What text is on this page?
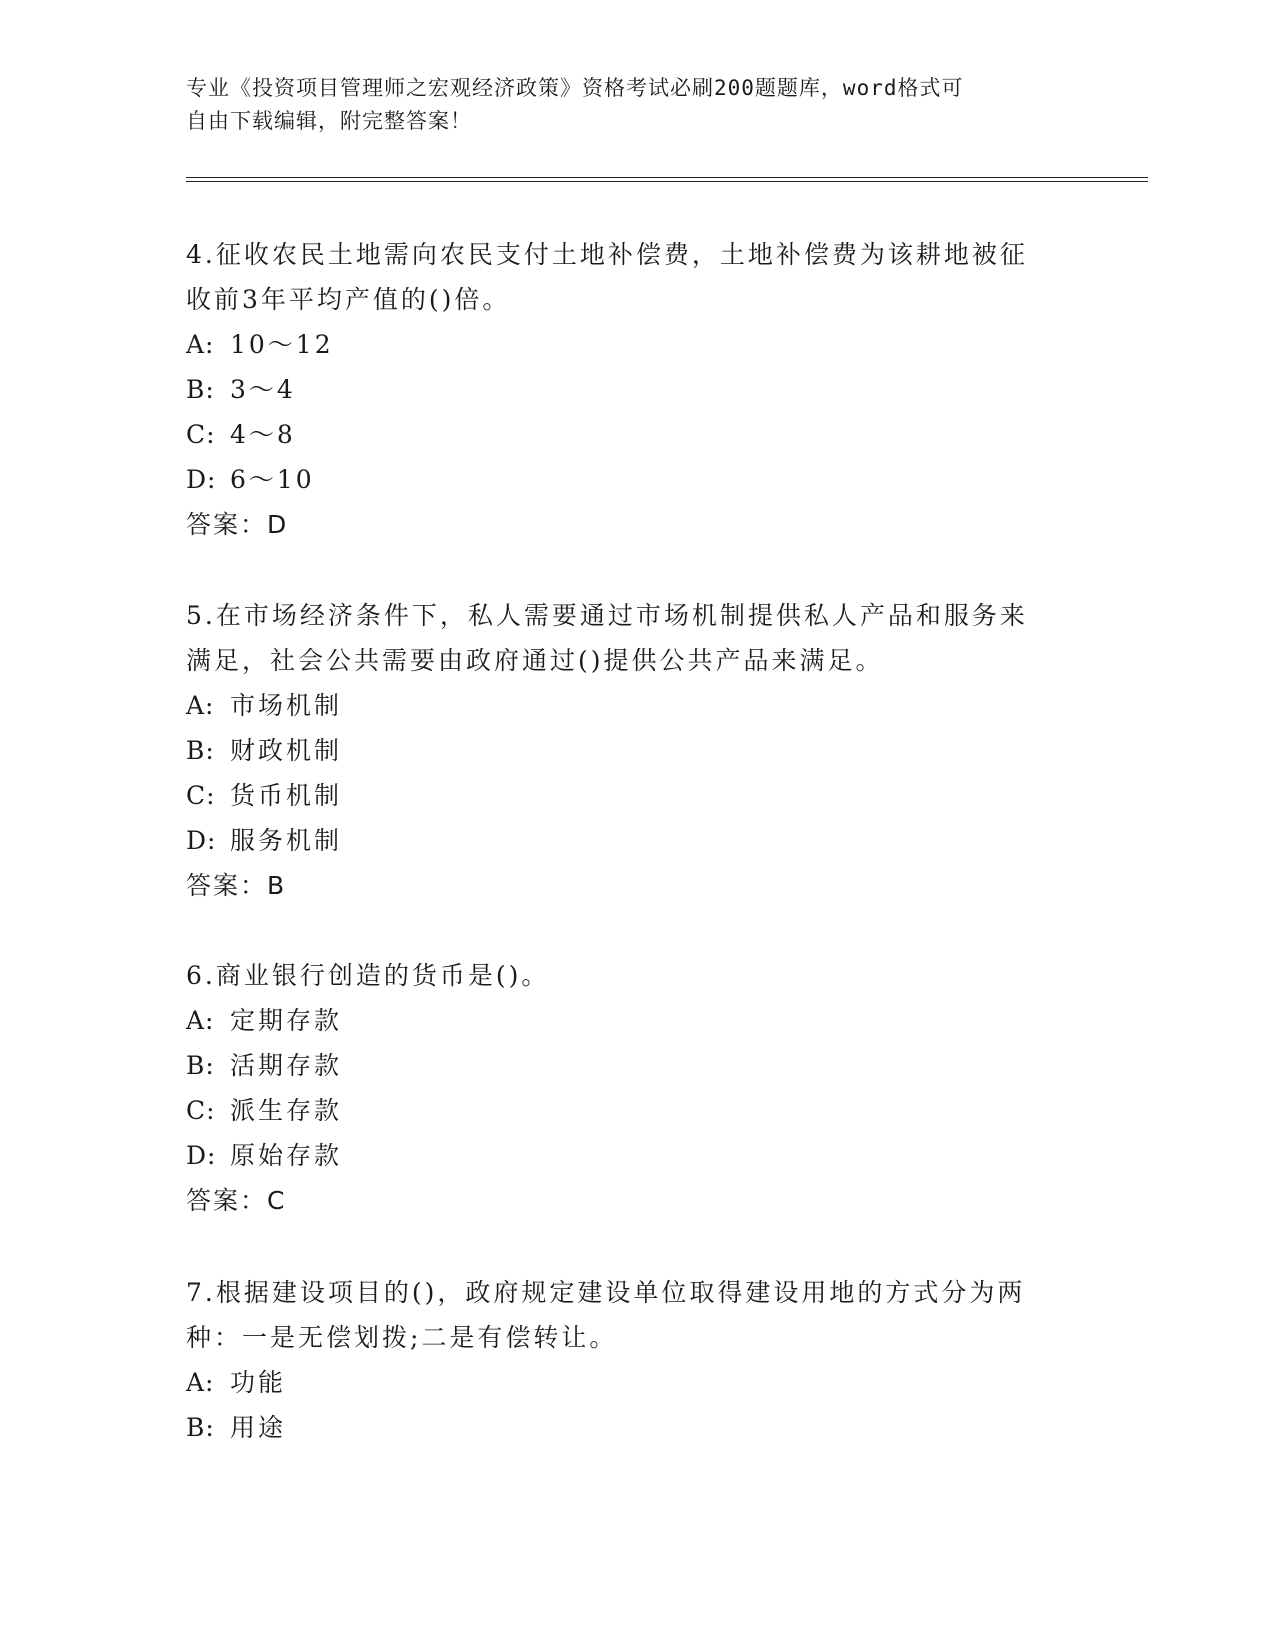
专业《投资项目管理师之宏观经济政策》资格考试必刷200题题库，word格式可
自由下载编辑，附完整答案！

4.征收农民土地需向农民支付土地补偿费，土地补偿费为该耕地被征

收前3年平均产值的()倍。

A: 10～12

B: 3～4

C: 4～8

D: 6～10

答案：D

5.在市场经济条件下，私人需要通过市场机制提供私人产品和服务来

满足，社会公共需要由政府通过()提供公共产品来满足。

A: 市场机制

B: 财政机制

C: 货币机制

D: 服务机制

答案：B

6.商业银行创造的货币是()。

A: 定期存款

B: 活期存款

C: 派生存款

D: 原始存款

答案：C

7.根据建设项目的()，政府规定建设单位取得建设用地的方式分为两

种：一是无偿划拨;二是有偿转让。

A: 功能

B: 用途
